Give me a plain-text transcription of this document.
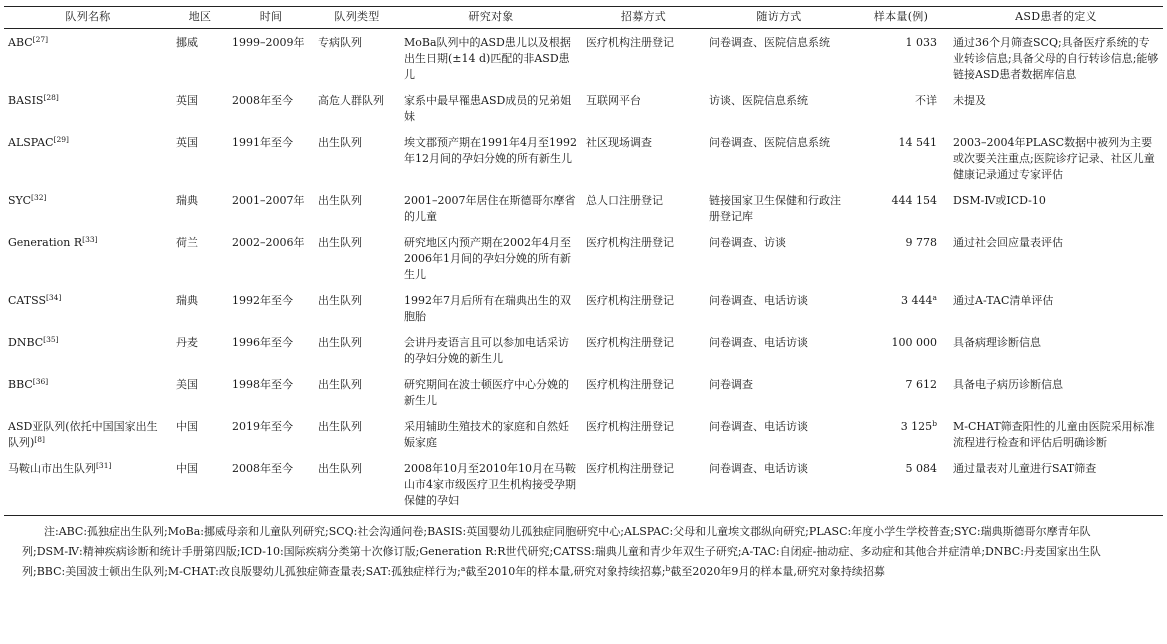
队列名称	地区	时间	队列类型	研究对象	招募方式	随访方式	样本量(例)	ASD患者的定义
ABC[27]	挪威	1999–2009年	专病队列	MoBa队列中的ASD患儿以及根据出生日期(±14 d)匹配的非ASD患儿	医疗机构注册登记	问卷调查、医院信息系统	1 033	通过36个月筛查SCQ;具备医疗系统的专业转诊信息;具备父母的自行转诊信息;能够链接ASD患者数据库信息
BASIS[28]	英国	2008年至今	高危人群队列	家系中最早罹患ASD成员的兄弟姐妹	互联网平台	访谈、医院信息系统	不详	未提及
ALSPAC[29]	英国	1991年至今	出生队列	埃文郡预产期在1991年4月至1992年12月间的孕妇分娩的所有新生儿	社区现场调查	问卷调查、医院信息系统	14 541	2003–2004年PLASC数据中被列为主要或次要关注重点;医院诊疗记录、社区儿童健康记录通过专家评估
SYC[32]	瑞典	2001–2007年	出生队列	2001–2007年居住在斯德哥尔摩省的儿童	总人口注册登记	链接国家卫生保健和行政注册登记库	444 154	DSM-Ⅳ或ICD-10
Generation R[33]	荷兰	2002–2006年	出生队列	研究地区内预产期在2002年4月至2006年1月间的孕妇分娩的所有新生儿	医疗机构注册登记	问卷调查、访谈	9 778	通过社会回应量表评估
CATSS[34]	瑞典	1992年至今	出生队列	1992年7月后所有在瑞典出生的双胞胎	医疗机构注册登记	问卷调查、电话访谈	3 444$^a$	通过A-TAC清单评估
DNBC[35]	丹麦	1996年至今	出生队列	会讲丹麦语言且可以参加电话采访的孕妇分娩的新生儿	医疗机构注册登记	问卷调查、电话访谈	100 000	具备病理诊断信息
BBC[36]	美国	1998年至今	出生队列	研究期间在波士顿医疗中心分娩的新生儿	医疗机构注册登记	问卷调查	7 612	具备电子病历诊断信息
ASD亚队列(依托中国国家出生队列)[8]	中国	2019年至今	出生队列	采用辅助生殖技术的家庭和自然妊娠家庭	医疗机构注册登记	问卷调查、电话访谈	3 125$^b$	M-CHAT筛查阳性的儿童由医院采用标准流程进行检查和评估后明确诊断
马鞍山市出生队列[31]	中国	2008年至今	出生队列	2008年10月至2010年10月在马鞍山市4家市级医疗卫生机构接受孕期保健的孕妇	医疗机构注册登记	问卷调查、电话访谈	5 084	通过量表对儿童进行SAT筛查
注:ABC:孤独症出生队列;MoBa:挪威母亲和儿童队列研究;SCQ:社会沟通问卷;BASIS:英国婴幼儿孤独症同胞研究中心;ALSPAC:父母和儿童埃文郡纵向研究;PLASC:年度小学生学校普查;SYC:瑞典斯德哥尔摩青年队列;DSM-Ⅳ:精神疾病诊断和统计手册第四版;ICD-10:国际疾病分类第十次修订版;Generation R:R世代研究;CATSS:瑞典儿童和青少年双生子研究;A-TAC:自闭症-抽动症、多动症和其他合并症清单;DNBC:丹麦国家出生队列;BBC:美国波士顿出生队列;M-CHAT:改良版婴幼儿孤独症筛查量表;SAT:孤独症样行为;$^a$截至2010年的样本量,研究对象持续招募;$^b$截至2020年9月的样本量,研究对象持续招募
